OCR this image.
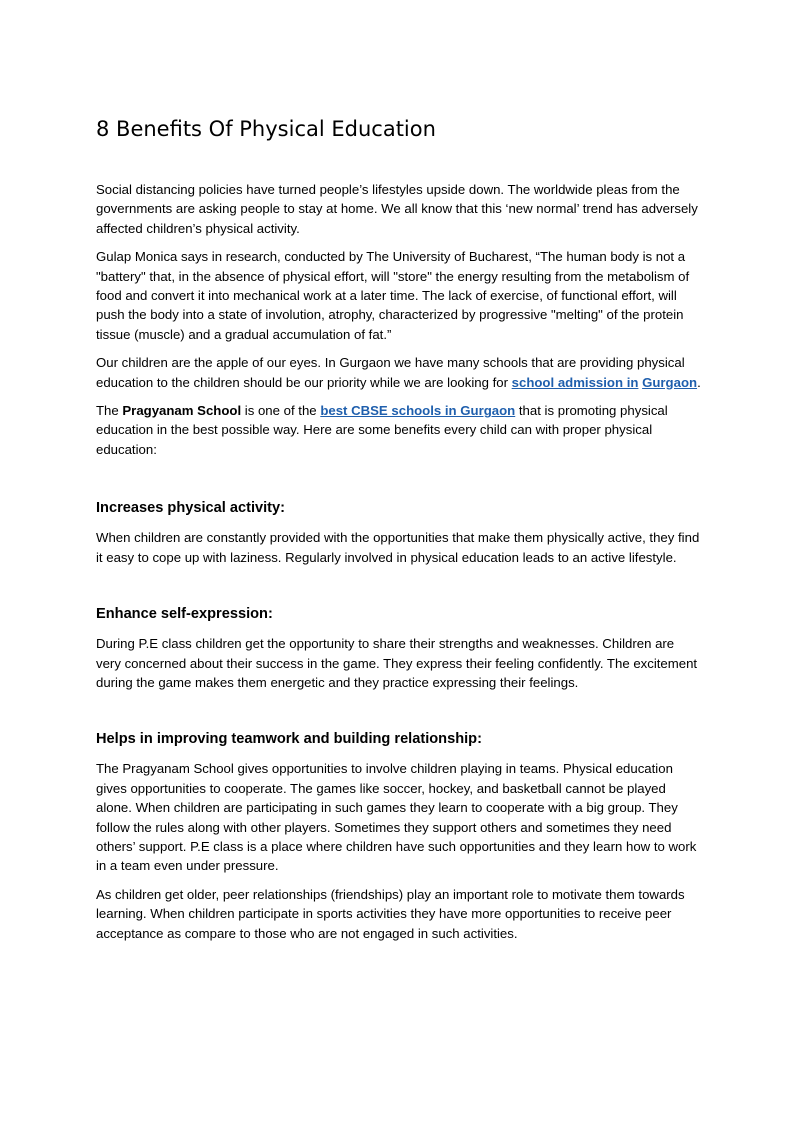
8 Benefits Of Physical Education

Social distancing policies have turned people’s lifestyles upside down. The worldwide pleas from the governments are asking people to stay at home. We all know that this ‘new normal’ trend has adversely affected children’s physical activity.

Gulap Monica says in research, conducted by The University of Bucharest, “The human body is not a "battery" that, in the absence of physical effort, will "store" the energy resulting from the metabolism of food and convert it into mechanical work at a later time. The lack of exercise, of functional effort, will push the body into a state of involution, atrophy, characterized by progressive "melting" of the protein tissue (muscle) and a gradual accumulation of fat.”

Our children are the apple of our eyes. In Gurgaon we have many schools that are providing physical education to the children should be our priority while we are looking for school admission in Gurgaon.

The Pragyanam School is one of the best CBSE schools in Gurgaon that is promoting physical education in the best possible way. Here are some benefits every child can with proper physical education:

Increases physical activity:

When children are constantly provided with the opportunities that make them physically active, they find it easy to cope up with laziness. Regularly involved in physical education leads to an active lifestyle.

Enhance self-expression:

During P.E class children get the opportunity to share their strengths and weaknesses. Children are very concerned about their success in the game. They express their feeling confidently. The excitement during the game makes them energetic and they practice expressing their feelings.

Helps in improving teamwork and building relationship:

The Pragyanam School gives opportunities to involve children playing in teams. Physical education gives opportunities to cooperate. The games like soccer, hockey, and basketball cannot be played alone. When children are participating in such games they learn to cooperate with a big group. They follow the rules along with other players. Sometimes they support others and sometimes they need others’ support. P.E class is a place where children have such opportunities and they learn how to work in a team even under pressure.

As children get older, peer relationships (friendships) play an important role to motivate them towards learning. When children participate in sports activities they have more opportunities to receive peer acceptance as compare to those who are not engaged in such activities.
